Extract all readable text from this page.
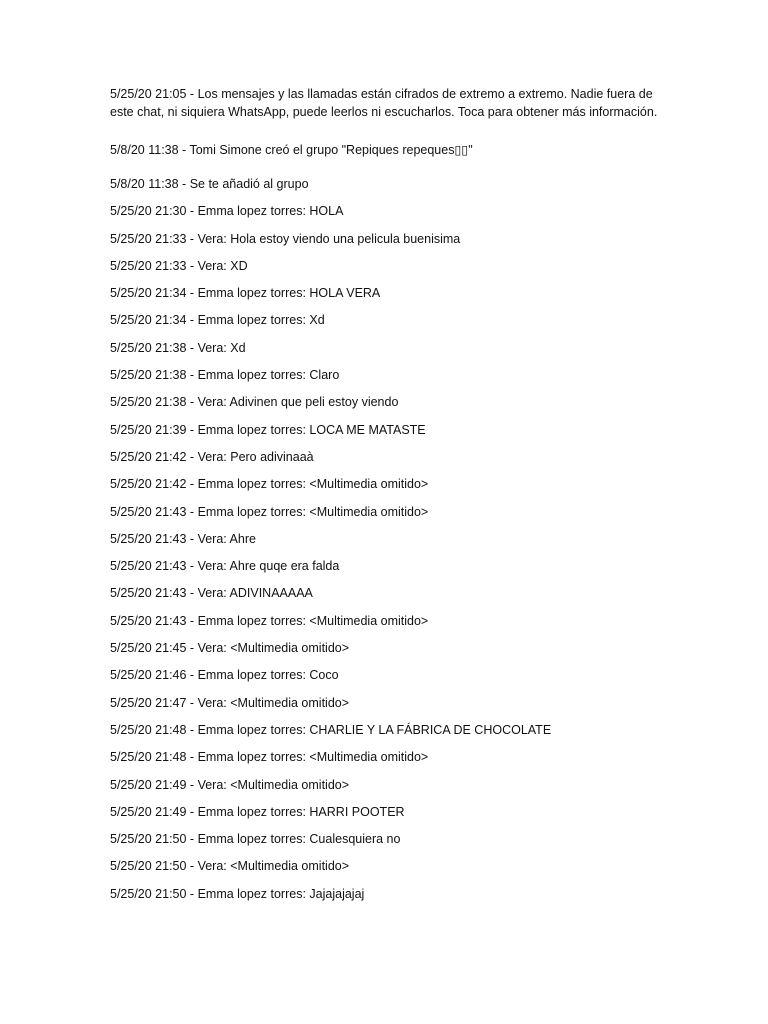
5/25/20 21:05 - Los mensajes y las llamadas están cifrados de extremo a extremo. Nadie fuera de este chat, ni siquiera WhatsApp, puede leerlos ni escucharlos. Toca para obtener más información.

5/8/20 11:38 - Tomi Simone creó el grupo "Repiques repeques▯▯"

5/8/20 11:38 - Se te añadió al grupo

5/25/20 21:30 - Emma lopez torres: HOLA

5/25/20 21:33 - Vera: Hola estoy viendo una pelicula buenisima

5/25/20 21:33 - Vera: XD

5/25/20 21:34 - Emma lopez torres: HOLA VERA

5/25/20 21:34 - Emma lopez torres: Xd

5/25/20 21:38 - Vera: Xd

5/25/20 21:38 - Emma lopez torres: Claro

5/25/20 21:38 - Vera: Adivinen que peli estoy viendo

5/25/20 21:39 - Emma lopez torres: LOCA ME MATASTE

5/25/20 21:42 - Vera: Pero adivinaaà

5/25/20 21:42 - Emma lopez torres: <Multimedia omitido>

5/25/20 21:43 - Emma lopez torres: <Multimedia omitido>

5/25/20 21:43 - Vera: Ahre

5/25/20 21:43 - Vera: Ahre quqe era falda

5/25/20 21:43 - Vera: ADIVINAAAAA

5/25/20 21:43 - Emma lopez torres: <Multimedia omitido>

5/25/20 21:45 - Vera: <Multimedia omitido>

5/25/20 21:46 - Emma lopez torres: Coco

5/25/20 21:47 - Vera: <Multimedia omitido>

5/25/20 21:48 - Emma lopez torres: CHARLIE Y LA FÁBRICA DE CHOCOLATE

5/25/20 21:48 - Emma lopez torres: <Multimedia omitido>

5/25/20 21:49 - Vera: <Multimedia omitido>

5/25/20 21:49 - Emma lopez torres: HARRI POOTER

5/25/20 21:50 - Emma lopez torres: Cualesquiera no

5/25/20 21:50 - Vera: <Multimedia omitido>

5/25/20 21:50 - Emma lopez torres: Jajajajajaj
